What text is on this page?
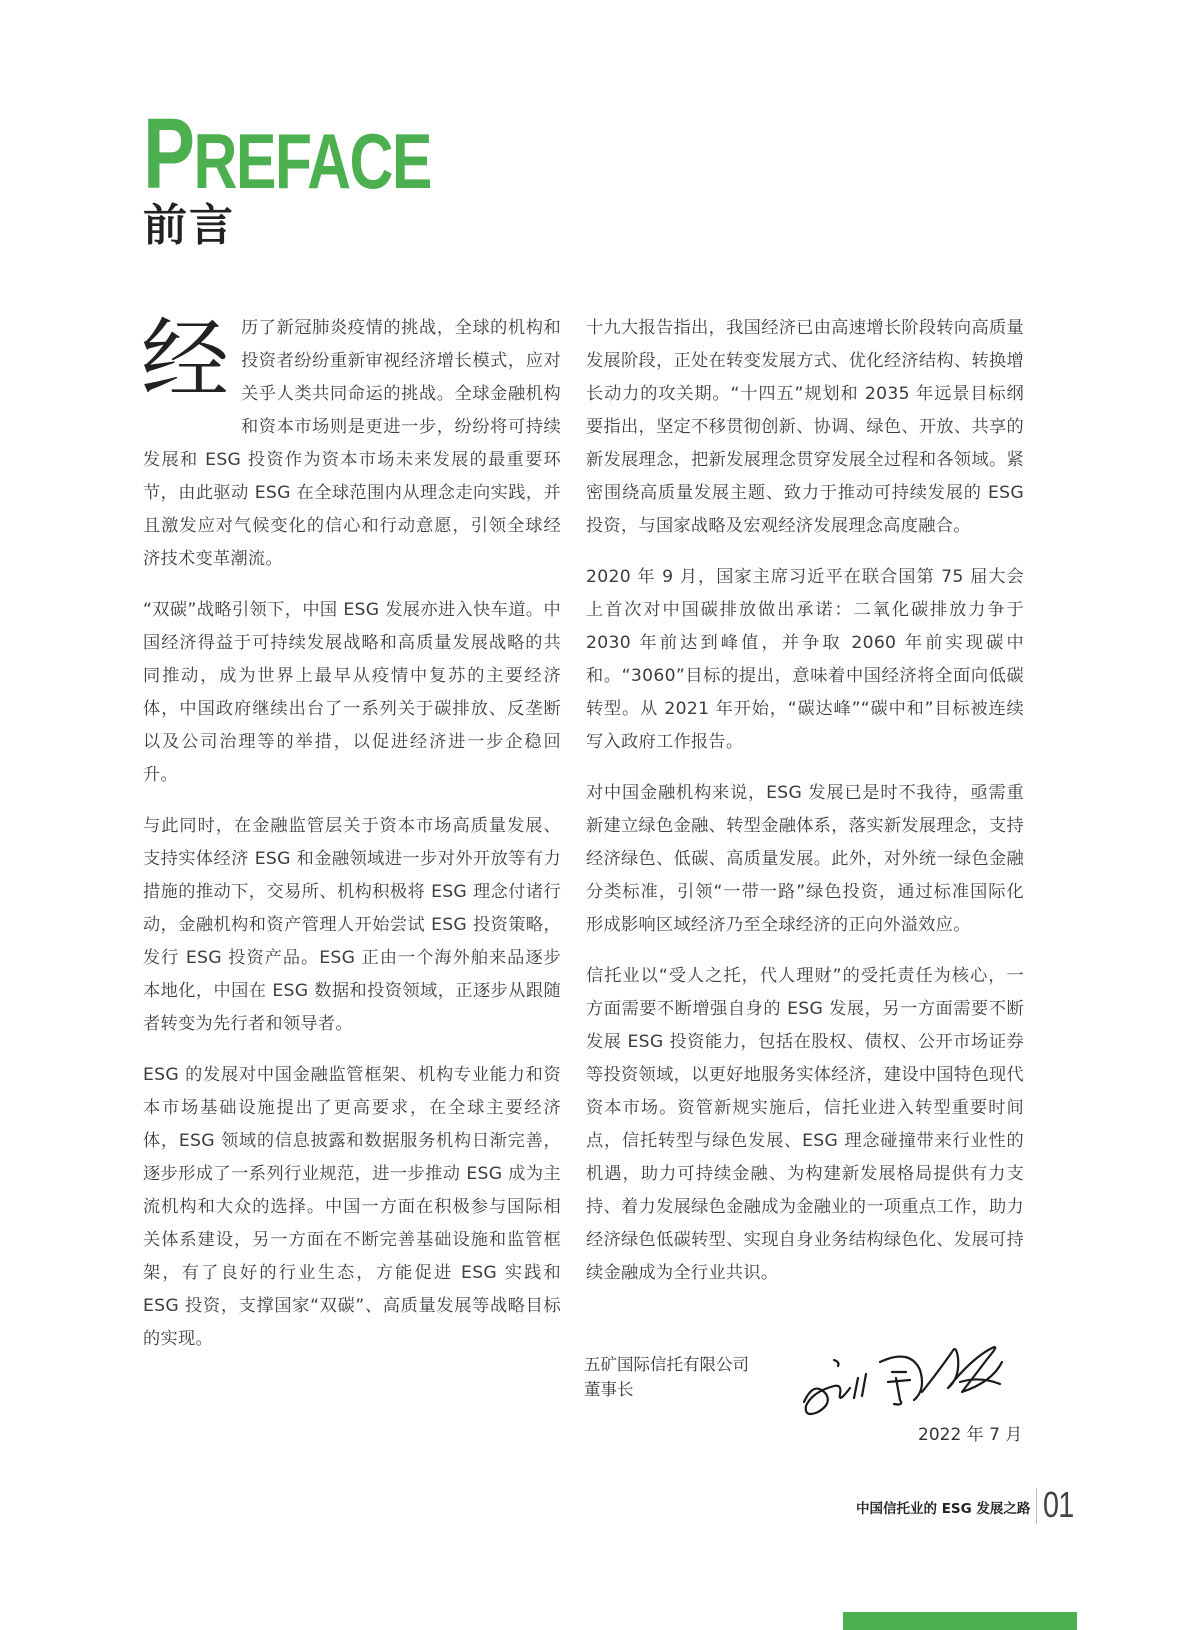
PREFACE
前言

经历了新冠肺炎疫情的挑战，全球的机构和投资者纷纷重新审视经济增长模式，应对关乎人类共同命运的挑战。全球金融机构和资本市场则是更进一步，纷纷将可持续发展和 ESG 投资作为资本市场未来发展的最重要环节，由此驱动 ESG 在全球范围内从理念走向实践，并且激发应对气候变化的信心和行动意愿，引领全球经济技术变革潮流。

“双碳”战略引领下，中国 ESG 发展亦进入快车道。中国经济得益于可持续发展战略和高质量发展战略的共同推动，成为世界上最早从疫情中复苏的主要经济体，中国政府继续出台了一系列关于碳排放、反垄断以及公司治理等的举措，以促进经济进一步企稳回升。

与此同时，在金融监管层关于资本市场高质量发展、支持实体经济 ESG 和金融领域进一步对外开放等有力措施的推动下，交易所、机构积极将 ESG 理念付诸行动，金融机构和资产管理人开始尝试 ESG 投资策略，发行 ESG 投资产品。ESG 正由一个海外舶来品逐步本地化，中国在 ESG 数据和投资领域，正逐步从跟随者转变为先行者和领导者。

ESG 的发展对中国金融监管框架、机构专业能力和资本市场基础设施提出了更高要求，在全球主要经济体，ESG 领域的信息披露和数据服务机构日渐完善，逐步形成了一系列行业规范，进一步推动 ESG 成为主流机构和大众的选择。中国一方面在积极参与国际相关体系建设，另一方面在不断完善基础设施和监管框架，有了良好的行业生态，方能促进 ESG 实践和 ESG 投资，支撑国家“双碳”、高质量发展等战略目标的实现。

十九大报告指出，我国经济已由高速增长阶段转向高质量发展阶段，正处在转变发展方式、优化经济结构、转换增长动力的攻关期。“十四五”规划和 2035 年远景目标纲要指出，坚定不移贯彻创新、协调、绿色、开放、共享的新发展理念，把新发展理念贯穿发展全过程和各领域。紧密围绕高质量发展主题、致力于推动可持续发展的 ESG 投资，与国家战略及宏观经济发展理念高度融合。

2020 年 9 月，国家主席习近平在联合国第 75 届大会上首次对中国碳排放做出承诺：二氧化碳排放力争于 2030 年前达到峰值，并争取 2060 年前实现碳中和。“3060”目标的提出，意味着中国经济将全面向低碳转型。从 2021 年开始，“碳达峰”“碳中和”目标被连续写入政府工作报告。

对中国金融机构来说，ESG 发展已是时不我待，亟需重新建立绿色金融、转型金融体系，落实新发展理念，支持经济绿色、低碳、高质量发展。此外，对外统一绿色金融分类标准，引领“一带一路”绿色投资，通过标准国际化形成影响区域经济乃至全球经济的正向外溢效应。

信托业以“受人之托，代人理财”的受托责任为核心，一方面需要不断增强自身的 ESG 发展，另一方面需要不断发展 ESG 投资能力，包括在股权、债权、公开市场证券等投资领域，以更好地服务实体经济，建设中国特色现代资本市场。资管新规实施后，信托业进入转型重要时间点，信托转型与绿色发展、ESG 理念碰撞带来行业性的机遇，助力可持续金融、为构建新发展格局提供有力支持、着力发展绿色金融成为金融业的一项重点工作，助力经济绿色低碳转型、实现自身业务结构绿色化、发展可持续金融成为全行业共识。

五矿国际信托有限公司
董事长
2022 年 7 月
中国信托业的 ESG 发展之路 01
